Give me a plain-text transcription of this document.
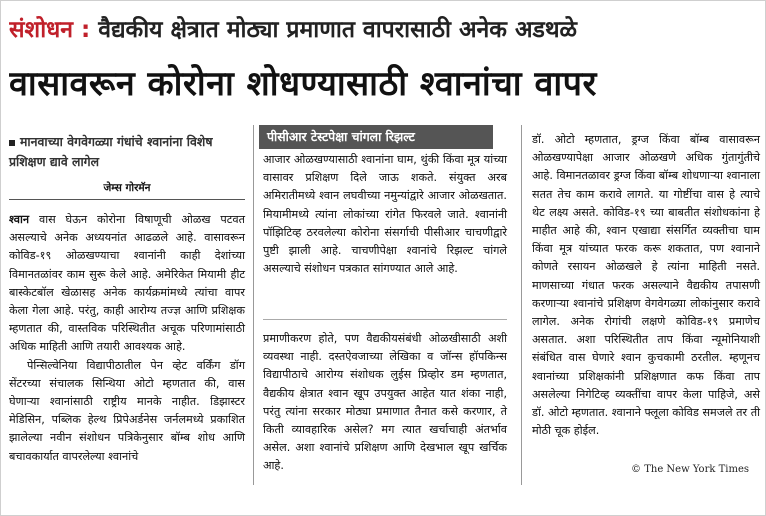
संशोधन : वैद्यकीय क्षेत्रात मोठ्या प्रमाणात वापरासाठी अनेक अडथळे
वासावरून कोरोना शोधण्यासाठी श्वानांचा वापर
मानवाच्या वेगवेगळ्या गंधांचे श्वानांना विशेष प्रशिक्षण द्यावे लागेल
जेम्स गोरमॅन

श्वान वास घेऊन कोरोना विषाणूची ओळख पटवत असल्याचे अनेक अध्ययनांत आढळले आहे. वासावरून कोविड-१९ ओळखण्याचा श्वानांनी काही देशांच्या विमानतळांवर काम सुरू केले आहे. अमेरिकेत मियामी हीट बास्केटबॉल खेळासह अनेक कार्यक्रमांमध्ये त्यांचा वापर केला गेला आहे. परंतु, काही आरोग्य तज्ज्ञ आणि प्रशिक्षक म्हणतात की, वास्तविक परिस्थितीत अचूक परिणामांसाठी अधिक माहिती आणि तयारी आवश्यक आहे.

पेन्सिल्वेनिया विद्यापीठातील पेन व्हेट वर्किंग डॉग सेंटरच्या संचालक सिन्थिया ओटो म्हणतात की, वास घेणाऱ्या श्वानांसाठी राष्ट्रीय मानके नाहीत. डिझास्टर मेडिसिन, पब्लिक हेल्थ प्रिपेअर्डनेस जर्नलमध्ये प्रकाशित झालेल्या नवीन संशोधन पत्रिकेनुसार बॉम्ब शोध आणि बचावकार्यात वापरलेल्या श्वानांचे

पीसीआर टेस्टपेक्षा चांगला रिझल्ट
आजार ओळखण्यासाठी श्वानांना घाम, थुंकी किंवा मूत्र यांच्या वासावर प्रशिक्षण दिले जाऊ शकते. संयुक्त अरब अमिरातीमध्ये श्वान लघवीच्या नमुन्यांद्वारे आजार ओळखतात. मियामीमध्ये त्यांना लोकांच्या रांगेत फिरवले जाते. श्वानांनी पॉझिटिव्ह ठरवलेल्या कोरोना संसर्गाची पीसीआर चाचणीद्वारे पुष्टी झाली आहे. चाचणीपेक्षा श्वानांचे रिझल्ट चांगले असल्याचे संशोधन पत्रकात सांगण्यात आले आहे.
प्रमाणीकरण होते, पण वैद्यकीयसंबंधी ओळखीसाठी अशी व्यवस्था नाही. दस्तऐवजाच्या लेखिका व जॉन्स हॉपकिन्स विद्यापीठाचे आरोग्य संशोधक लुईस प्रिव्होर डम म्हणतात, वैद्यकीय क्षेत्रात श्वान खूप उपयुक्त आहेत यात शंका नाही, परंतु त्यांना सरकार मोठ्या प्रमाणात तैनात कसे करणार, ते किती व्यावहारिक असेल? मग त्यात खर्चाचाही अंतर्भाव असेल. अशा श्वानांचे प्रशिक्षण आणि देखभाल खूप खर्चिक आहे.
डॉ. ओटो म्हणतात, ड्रग्ज किंवा बॉम्ब वासावरून ओळखण्यापेक्षा आजार ओळखणे अधिक गुंतागुंतीचे आहे. विमानतळावर ड्रग्ज किंवा बॉम्ब शोधणाऱ्या श्वानाला सतत तेच काम करावे लागते. या गोष्टींचा वास हे त्याचे थेट लक्ष्य असते. कोविड-१९ च्या बाबतीत संशोधकांना हे माहीत आहे की, श्वान एखाद्या संसर्गित व्यक्तीचा घाम किंवा मूत्र यांच्यात फरक करू शकतात, पण श्वानाने कोणते रसायन ओळखले हे त्यांना माहिती नसते. माणसाच्या गंधात फरक असल्याने वैद्यकीय तपासणी करणाऱ्या श्वानांचे प्रशिक्षण वेगवेगळ्या लोकांनुसार करावे लागेल. अनेक रोगांची लक्षणे कोविड-१९ प्रमाणेच असतात. अशा परिस्थितीत ताप किंवा न्यूमोनियाशी संबंधित वास घेणारे श्वान कुचकामी ठरतील. म्हणूनच श्वानांच्या प्रशिक्षकांनी प्रशिक्षणात कफ किंवा ताप असलेल्या निगेटिव्ह व्यक्तींचा वापर केला पाहिजे, असे डॉ. ओटो म्हणतात. श्वानाने फ्लूला कोविड समजले तर ती मोठी चूक होईल.
© The New York Times
